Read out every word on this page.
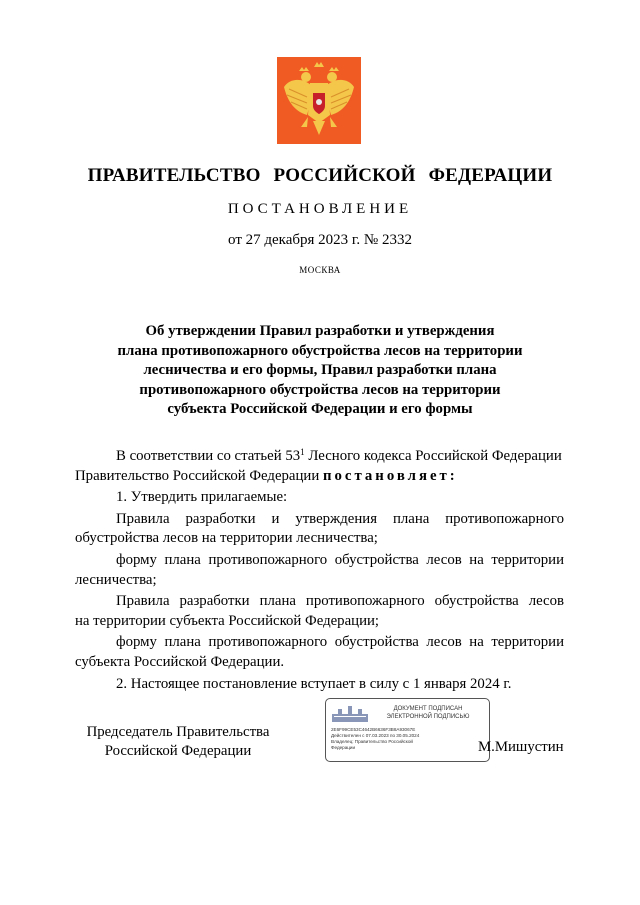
ПРАВИТЕЛЬСТВО РОССИЙСКОЙ ФЕДЕРАЦИИ
ПОСТАНОВЛЕНИЕ
от 27 декабря 2023 г. № 2332
МОСКВА
Об утверждении Правил разработки и утверждения
плана противопожарного обустройства лесов на территории
лесничества и его формы, Правил разработки плана
противопожарного обустройства лесов на территории
субъекта Российской Федерации и его формы
В соответствии со статьей $53^1$ Лесного кодекса Российской Федерации
Правительство Российской Федерации постановляет:
1. Утвердить прилагаемые:
Правила разработки и утверждения плана противопожарного
обустройства лесов на территории лесничества;
форму плана противопожарного обустройства лесов на территории
лесничества;
Правила разработки плана противопожарного обустройства лесов
на территории субъекта Российской Федерации;
форму плана противопожарного обустройства лесов на территории
субъекта Российской Федерации.
2. Настоящее постановление вступает в силу с 1 января 2024 г.
Председатель Правительства
Российской Федерации
ДОКУМЕНТ ПОДПИСАН
ЭЛЕКТРОННОЙ ПОДПИСЬЮ
2E6F99CE53C4642B6636F3B8A93067E
Действителен с 07.03.2023 по 30.05.2024
Владелец: Правительство Российской
Федерации	М.Мишустин
